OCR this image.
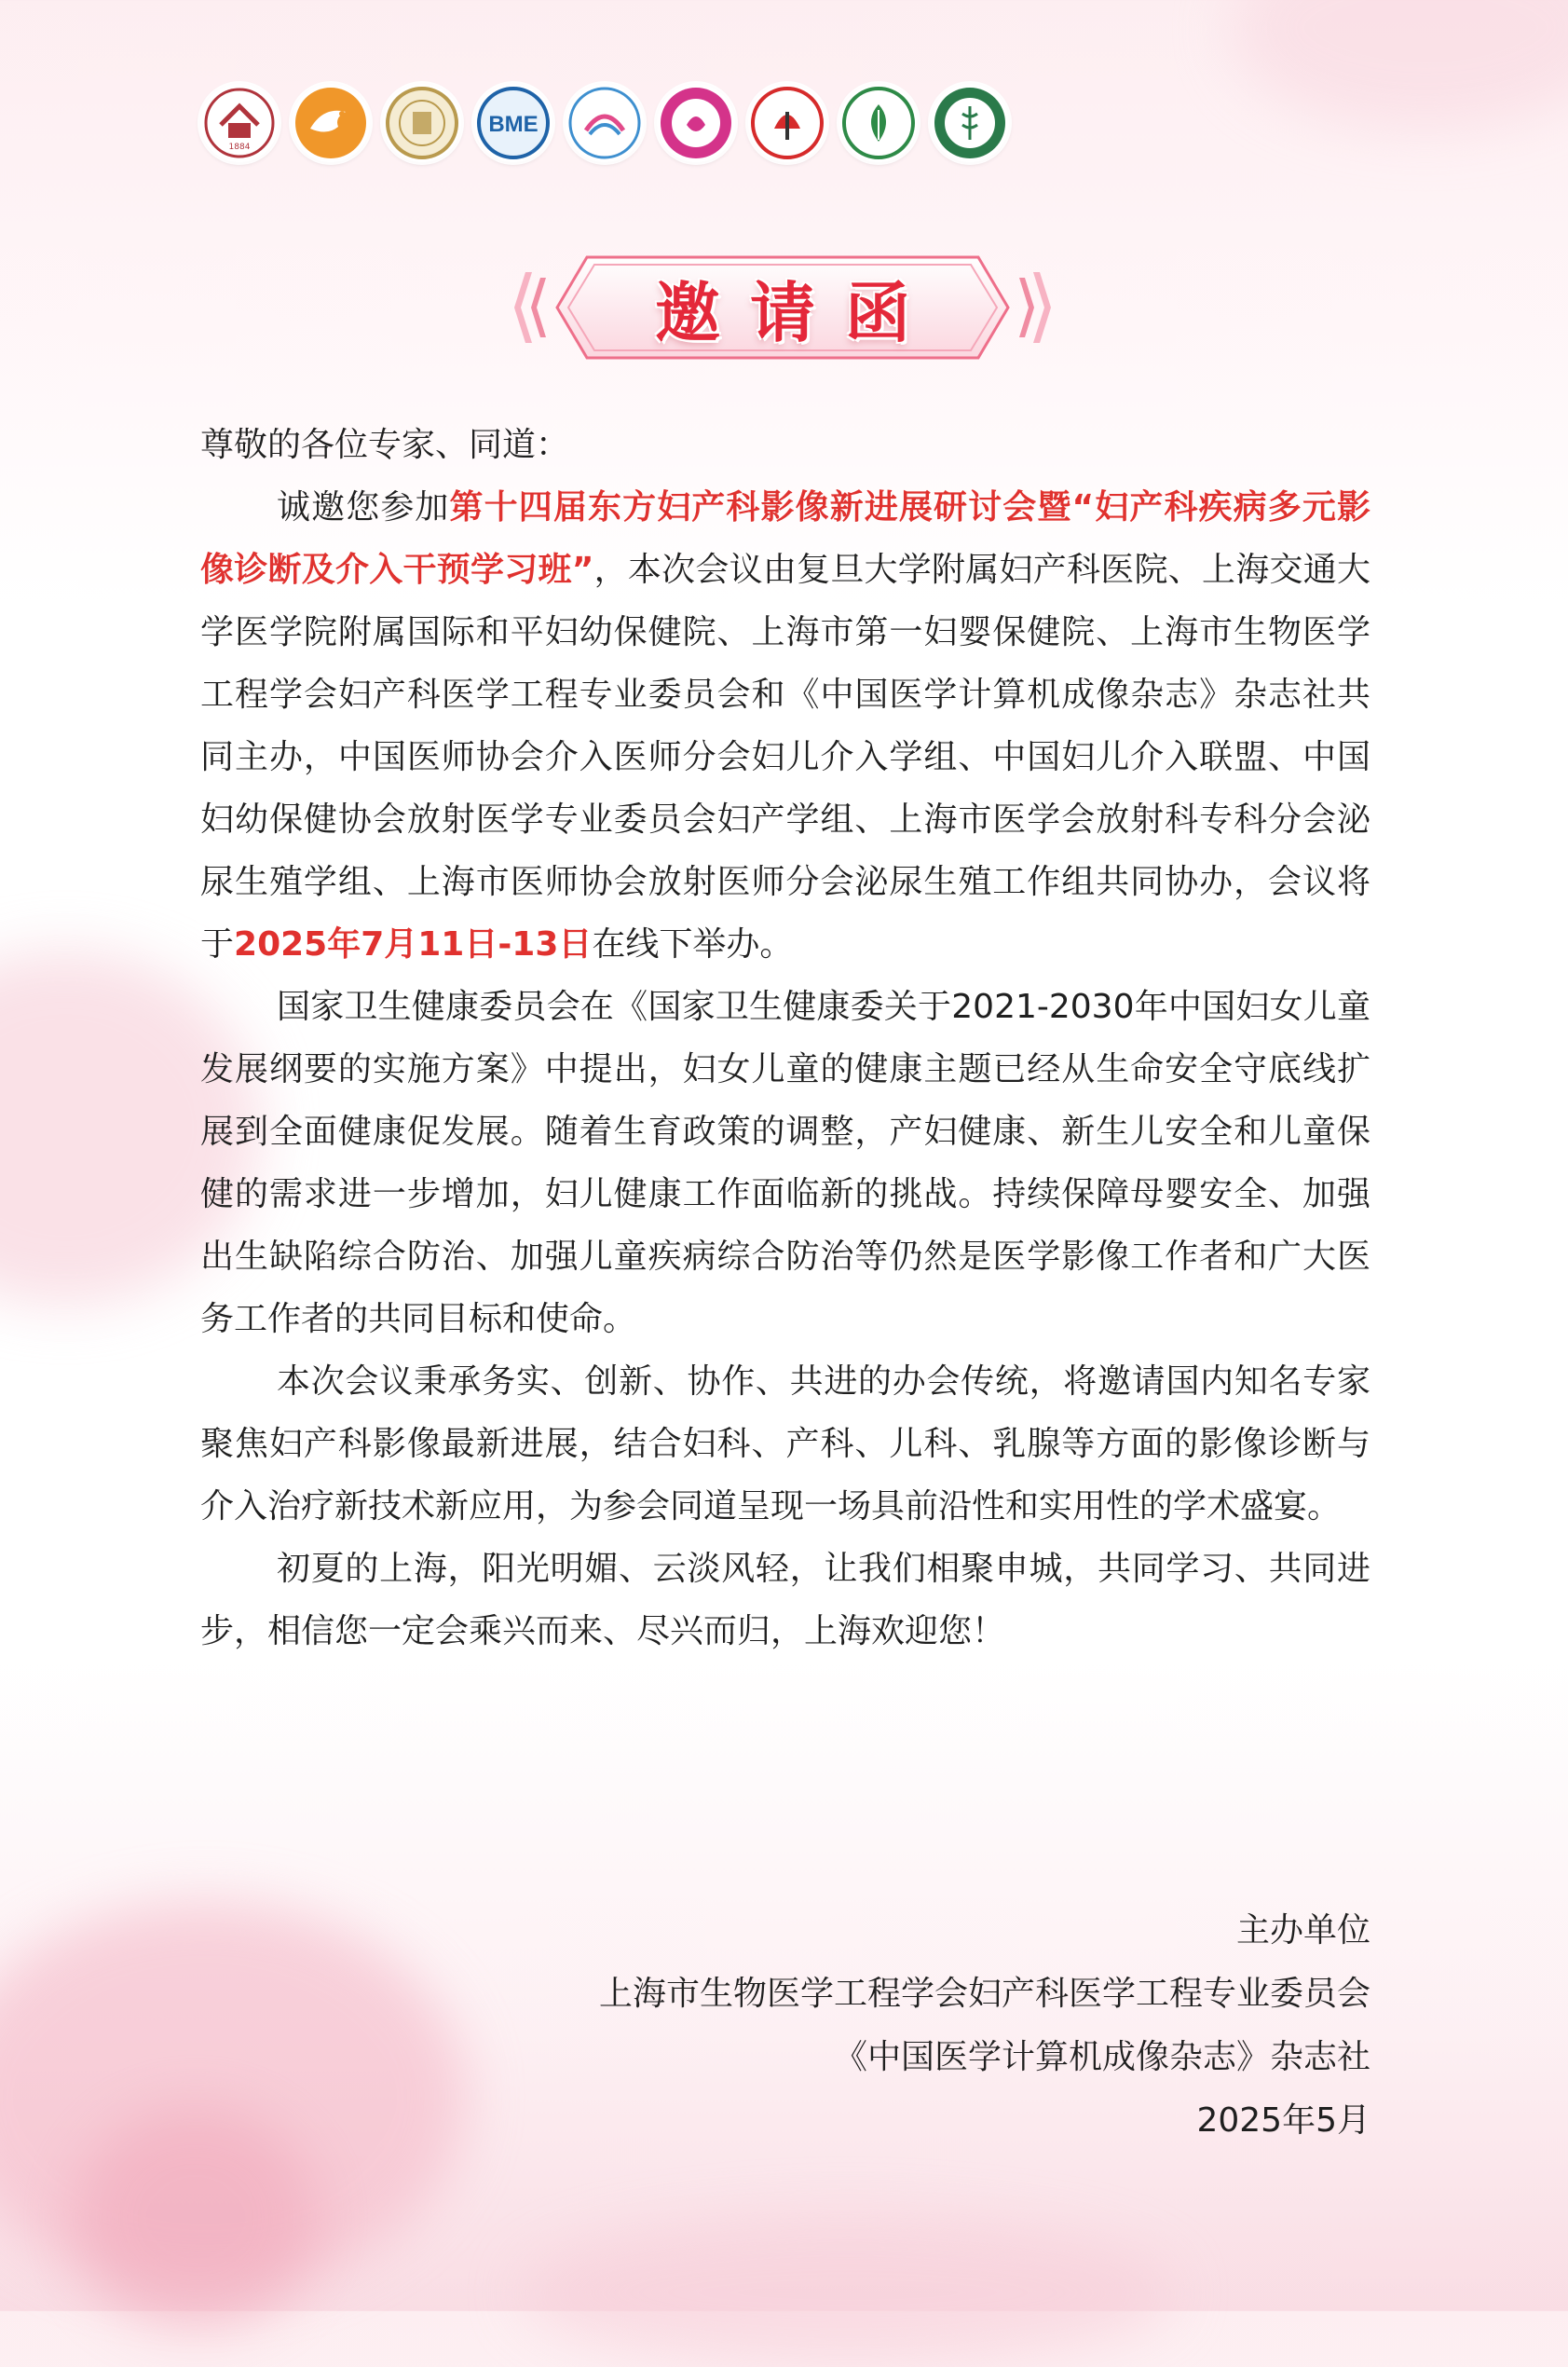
1884
BME
邀请函

尊敬的各位专家、同道：

诚邀您参加第十四届东方妇产科影像新进展研讨会暨“妇产科疾病多元影像诊断及介入干预学习班”，本次会议由复旦大学附属妇产科医院、上海交通大学医学院附属国际和平妇幼保健院、上海市第一妇婴保健院、上海市生物医学工程学会妇产科医学工程专业委员会和《中国医学计算机成像杂志》杂志社共同主办，中国医师协会介入医师分会妇儿介入学组、中国妇儿介入联盟、中国妇幼保健协会放射医学专业委员会妇产学组、上海市医学会放射科专科分会泌尿生殖学组、上海市医师协会放射医师分会泌尿生殖工作组共同协办，会议将于2025年7月11日-13日在线下举办。

国家卫生健康委员会在《国家卫生健康委关于2021-2030年中国妇女儿童发展纲要的实施方案》中提出，妇女儿童的健康主题已经从生命安全守底线扩展到全面健康促发展。随着生育政策的调整，产妇健康、新生儿安全和儿童保健的需求进一步增加，妇儿健康工作面临新的挑战。持续保障母婴安全、加强出生缺陷综合防治、加强儿童疾病综合防治等仍然是医学影像工作者和广大医务工作者的共同目标和使命。

本次会议秉承务实、创新、协作、共进的办会传统，将邀请国内知名专家聚焦妇产科影像最新进展，结合妇科、产科、儿科、乳腺等方面的影像诊断与介入治疗新技术新应用，为参会同道呈现一场具前沿性和实用性的学术盛宴。

初夏的上海，阳光明媚、云淡风轻，让我们相聚申城，共同学习、共同进步，相信您一定会乘兴而来、尽兴而归，上海欢迎您！

主办单位
上海市生物医学工程学会妇产科医学工程专业委员会
《中国医学计算机成像杂志》杂志社
2025年5月
